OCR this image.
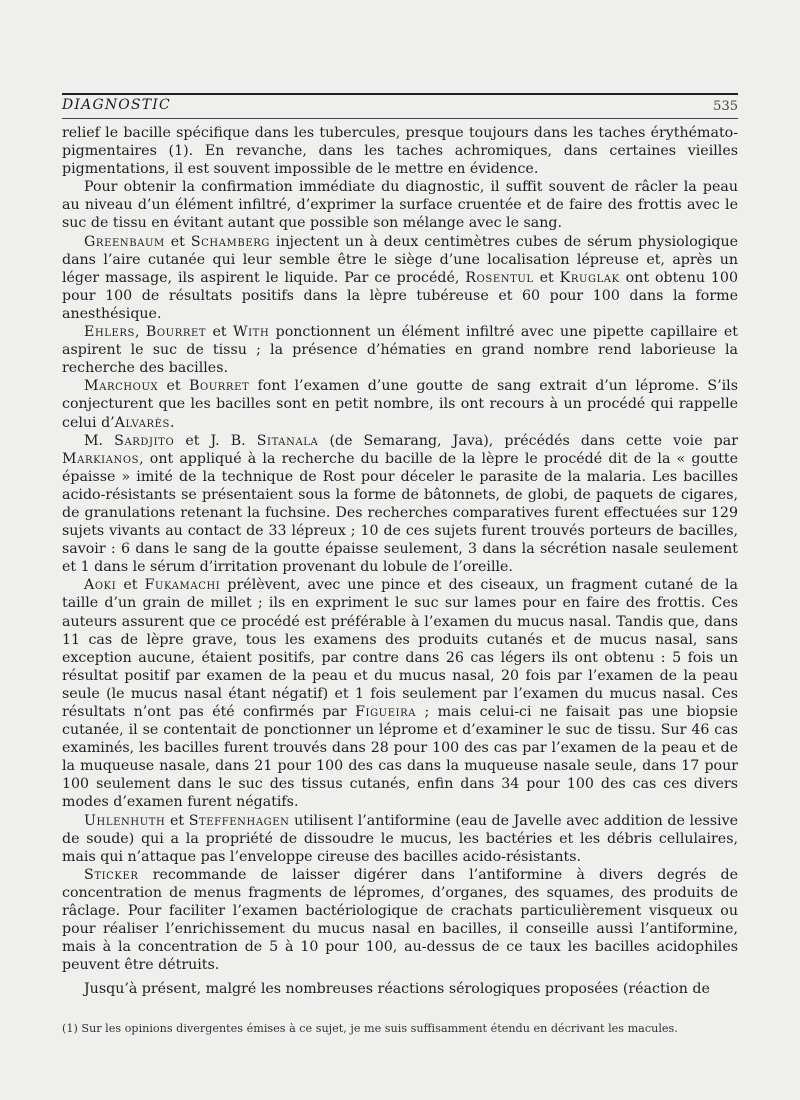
DIAGNOSTIC	535

relief le bacille spécifique dans les tubercules, presque toujours dans les taches érythémato-pigmentaires (1). En revanche, dans les taches achromiques, dans certaines vieilles pigmentations, il est souvent impossible de le mettre en évidence.

Pour obtenir la confirmation immédiate du diagnostic, il suffit souvent de râcler la peau au niveau d’un élément infiltré, d’exprimer la surface cruentée et de faire des frottis avec le suc de tissu en évitant autant que possible son mélange avec le sang.

Greenbaum et Schamberg injectent un à deux centimètres cubes de sérum physiologique dans l’aire cutanée qui leur semble être le siège d’une localisation lépreuse et, après un léger massage, ils aspirent le liquide. Par ce procédé, Rosentul et Kruglak ont obtenu 100 pour 100 de résultats positifs dans la lèpre tubéreuse et 60 pour 100 dans la forme anesthésique.

Ehlers, Bourret et With ponctionnent un élément infiltré avec une pipette capillaire et aspirent le suc de tissu ; la présence d’hématies en grand nombre rend laborieuse la recherche des bacilles.

Marchoux et Bourret font l’examen d’une goutte de sang extrait d’un léprome. S’ils conjecturent que les bacilles sont en petit nombre, ils ont recours à un procédé qui rappelle celui d’Alvarès.

M. Sardjito et J. B. Sitanala (de Semarang, Java), précédés dans cette voie par Markianos, ont appliqué à la recherche du bacille de la lèpre le procédé dit de la « goutte épaisse » imité de la technique de Rost pour déceler le parasite de la malaria. Les bacilles acido-résistants se présentaient sous la forme de bâtonnets, de globi, de paquets de cigares, de granulations retenant la fuchsine. Des recherches comparatives furent effectuées sur 129 sujets vivants au contact de 33 lépreux ; 10 de ces sujets furent trouvés porteurs de bacilles, savoir : 6 dans le sang de la goutte épaisse seulement, 3 dans la sécrétion nasale seulement et 1 dans le sérum d’irritation provenant du lobule de l’oreille.

Aoki et Fukamachi prélèvent, avec une pince et des ciseaux, un fragment cutané de la taille d’un grain de millet ; ils en expriment le suc sur lames pour en faire des frottis. Ces auteurs assurent que ce procédé est préférable à l’examen du mucus nasal. Tandis que, dans 11 cas de lèpre grave, tous les examens des produits cutanés et de mucus nasal, sans exception aucune, étaient positifs, par contre dans 26 cas légers ils ont obtenu : 5 fois un résultat positif par examen de la peau et du mucus nasal, 20 fois par l’examen de la peau seule (le mucus nasal étant négatif) et 1 fois seulement par l’examen du mucus nasal. Ces résultats n’ont pas été confirmés par Figueira ; mais celui-ci ne faisait pas une biopsie cutanée, il se contentait de ponctionner un léprome et d’examiner le suc de tissu. Sur 46 cas examinés, les bacilles furent trouvés dans 28 pour 100 des cas par l’examen de la peau et de la muqueuse nasale, dans 21 pour 100 des cas dans la muqueuse nasale seule, dans 17 pour 100 seulement dans le suc des tissus cutanés, enfin dans 34 pour 100 des cas ces divers modes d’examen furent négatifs.

Uhlenhuth et Steffenhagen utilisent l’antiformine (eau de Javelle avec addition de lessive de soude) qui a la propriété de dissoudre le mucus, les bactéries et les débris cellulaires, mais qui n’attaque pas l’enveloppe cireuse des bacilles acido-résistants.

Sticker recommande de laisser digérer dans l’antiformine à divers degrés de concentration de menus fragments de lépromes, d’organes, des squames, des produits de râclage. Pour faciliter l’examen bactériologique de crachats particulièrement visqueux ou pour réaliser l’enrichissement du mucus nasal en bacilles, il conseille aussi l’antiformine, mais à la concentration de 5 à 10 pour 100, au-dessus de ce taux les bacilles acidophiles peuvent être détruits.

Jusqu’à présent, malgré les nombreuses réactions sérologiques proposées (réaction de

(1) Sur les opinions divergentes émises à ce sujet, je me suis suffisamment étendu en décrivant les macules.
